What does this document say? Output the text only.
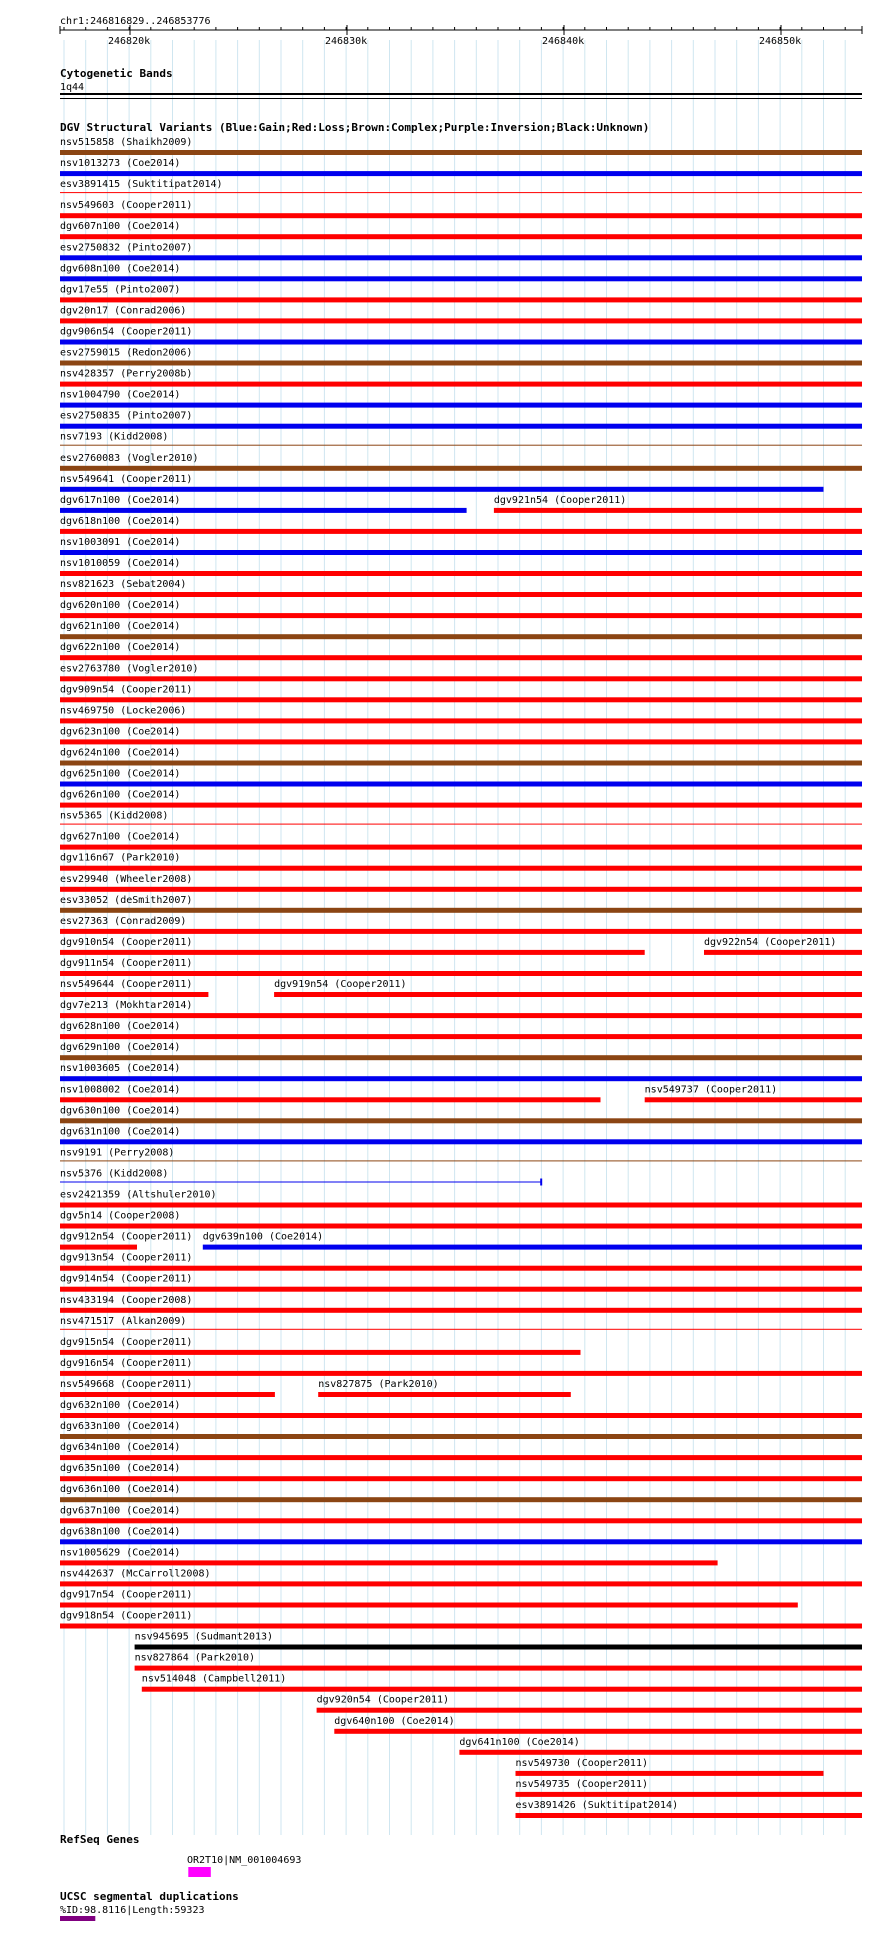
chr1:246816829..246853776
246820k	246830k	246840k	246850k
Cytogenetic Bands
1q44
DGV Structural Variants (Blue:Gain;Red:Loss;Brown:Complex;Purple:Inversion;Black:Unknown)
nsv515858 (Shaikh2009)
nsv1013273 (Coe2014)
esv3891415 (Suktitipat2014)
nsv549603 (Cooper2011)
dgv607n100 (Coe2014)
esv2750832 (Pinto2007)
dgv608n100 (Coe2014)
dgv17e55 (Pinto2007)
dgv20n17 (Conrad2006)
dgv906n54 (Cooper2011)
esv2759015 (Redon2006)
nsv428357 (Perry2008b)
nsv1004790 (Coe2014)
esv2750835 (Pinto2007)
nsv7193 (Kidd2008)
esv2760083 (Vogler2010)
nsv549641 (Cooper2011)
dgv617n100 (Coe2014)	dgv921n54 (Cooper2011)
dgv618n100 (Coe2014)
nsv1003091 (Coe2014)
nsv1010059 (Coe2014)
nsv821623 (Sebat2004)
dgv620n100 (Coe2014)
dgv621n100 (Coe2014)
dgv622n100 (Coe2014)
esv2763780 (Vogler2010)
dgv909n54 (Cooper2011)
nsv469750 (Locke2006)
dgv623n100 (Coe2014)
dgv624n100 (Coe2014)
dgv625n100 (Coe2014)
dgv626n100 (Coe2014)
nsv5365 (Kidd2008)
dgv627n100 (Coe2014)
dgv116n67 (Park2010)
esv29940 (Wheeler2008)
esv33052 (deSmith2007)
esv27363 (Conrad2009)
dgv910n54 (Cooper2011)	dgv922n54 (Cooper2011)
dgv911n54 (Cooper2011)
nsv549644 (Cooper2011)	dgv919n54 (Cooper2011)
dgv7e213 (Mokhtar2014)
dgv628n100 (Coe2014)
dgv629n100 (Coe2014)
nsv1003605 (Coe2014)
nsv1008002 (Coe2014)	nsv549737 (Cooper2011)
dgv630n100 (Coe2014)
dgv631n100 (Coe2014)
nsv9191 (Perry2008)
nsv5376 (Kidd2008)
esv2421359 (Altshuler2010)
dgv5n14 (Cooper2008)
dgv912n54 (Cooper2011) dgv639n100 (Coe2014)
dgv913n54 (Cooper2011)
dgv914n54 (Cooper2011)
nsv433194 (Cooper2008)
nsv471517 (Alkan2009)
dgv915n54 (Cooper2011)
dgv916n54 (Cooper2011)
nsv549668 (Cooper2011)	nsv827875 (Park2010)
dgv632n100 (Coe2014)
dgv633n100 (Coe2014)
dgv634n100 (Coe2014)
dgv635n100 (Coe2014)
dgv636n100 (Coe2014)
dgv637n100 (Coe2014)
dgv638n100 (Coe2014)
nsv1005629 (Coe2014)
nsv442637 (McCarroll2008)
dgv917n54 (Cooper2011)
dgv918n54 (Cooper2011)
nsv945695 (Sudmant2013)
nsv827864 (Park2010)
nsv514048 (Campbell2011)
dgv920n54 (Cooper2011)
dgv640n100 (Coe2014)
dgv641n100 (Coe2014)
nsv549730 (Cooper2011)
nsv549735 (Cooper2011)
esv3891426 (Suktitipat2014)
RefSeq Genes
OR2T10|NM_001004693
UCSC segmental duplications
%ID:98.8116|Length:59323
